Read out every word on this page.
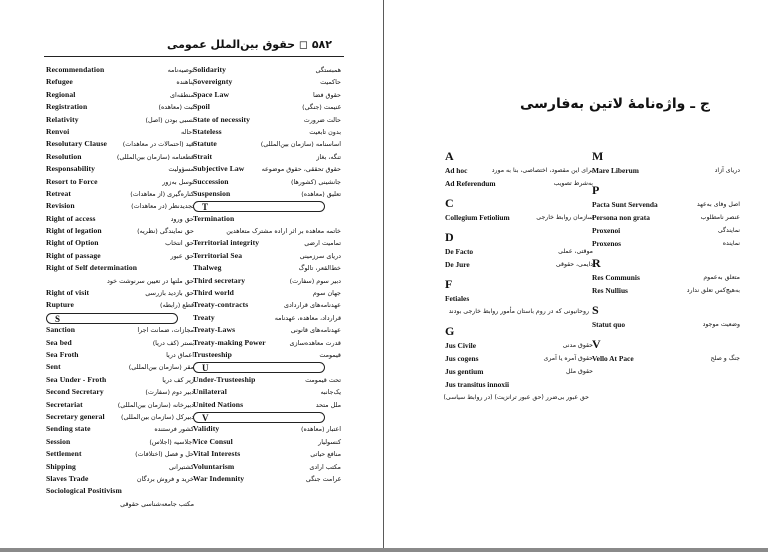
۵۸۲ ◻ حقوق بین‌الملل عمومی
Recommendation	توصیه‌نامه
Refugee	پناهنده
Regional	منطقه‌ای
Registration	ثبت (معاهده)
Relativity	نسبی بودن (اصل)
Renvoi	احاله
Resolutary Clause قید (احتمالات در معاهدات)
Resolution	قطعنامه (سازمان بین‌المللی)
Responsability	مسؤولیت
Resort to Force	توسل به‌زور
Retreat	کناره‌گیری (از معاهدات)
Revision	تجدیدنظر (در معاهدات)
Right of access	حق ورود
Right of legation	حق نمایندگی (نظریه)
Right of Option	حق انتخاب
Right of passage	حق عبور
Right of Self determination
حق ملتها در تعیین سرنوشت خود
Right of visit	حق بازدید بازرسی
Rupture	قطع (رابطه)
S
Sanction	مجازات، ضمانت اجرا
Sea bed	بستر (کف دریا)
Sea Froth	اعماق دریا
Sent	مقر (سازمان بین‌المللی)
Sea Under - Froth	زیر کف دریا
Second Secretary	دبیر دوم (سفارت)
Secretariat	دبیرخانه (سازمان بین‌المللی)
Secretary general	دبیرکل (سازمان بین‌المللی)
Sending state	کشور فرستنده
Session	اجلاسیه (اجلاس)
Settlement	حل و فصل (اختلافات)
Shipping	کشتیرانی
Slaves Trade	خرید و فروش بردگان
Sociological Positivism
مکتب جامعه‌شناسی حقوقی
Solidarity	همبستگی
Sovereignty	حاکمیت
Space Law	حقوق فضا
Spoil	غنیمت (جنگی)
State of necessity	حالت ضرورت
Stateless	بدون تابعیت
Statute	اساسنامه (سازمان بین‌المللی)
Strait	تنگه، بغاز
Subjective Law	حقوق تحققی، حقوق موضوعه
Succession	جانشینی (کشورها)
Suspension	تعلیق (معاهده)
T
Termination
خاتمه معاهده بر اثر اراده مشترک متعاهدین
Territorial integrity	تمامیت ارضی
Territorial Sea	دریای سرزمینی
Thalweg	خط‌القعر، تالوگ
Third secretary	دبیر سوم (سفارت)
Third world	جهان سوم
Treaty-contracts	عهدنامه‌های قراردادی
Treaty	قرارداد، معاهده، عهدنامه
Treaty-Laws	عهدنامه‌های قانونی
Treaty-making Power	قدرت معاهده‌سازی
Trusteeship	قیمومت
U
Under-Trusteeship	تحت قیمومت
Unilateral	یک‌جانبه
United Nations	ملل متحد
V
Validity	اعتبار (معاهده)
Vice Consul	کنسولیار
Vital Interests	منافع حیاتی
Voluntarism	مکتب ارادی
War Indemnity	غرامت جنگی
ج ـ واژه‌نامهٔ لاتین به‌فارسی
A
Ad hoc	برای این مقصود، اختصاصی، بنا به مورد
Ad Referendum	به‌شرط تصویب
C
Collegium Fetiolium	سازمان روابط خارجی
D
De Facto	موقتی، عملی
De Jure	دایمی، حقوقی
F
Fetiales
روحانیونی که در روم باستان مأمور روابط خارجی بودند
G
Jus Civile	حقوق مدنی
Jus cogens	حقوق آمره یا آمری
Jus gentium	حقوق ملل
Jus transitus innoxii
حق عبور بی‌ضرر (حق عبور ترانزیت) (در روابط سیاسی)
M
Mare Liberum	دریای آزاد
P
Pacta Sunt Servenda	اصل وفای به‌عهد
Persona non grata	عنصر نامطلوب
Proxenoi	نمایندگی
Proxenos	نماینده
R
Res Communis	متعلق به‌عموم
Res Nullius	به‌هیچ‌کس تعلق ندارد
S
Statut quo	وضعیت موجود
V
Vello At Pace	جنگ و صلح
